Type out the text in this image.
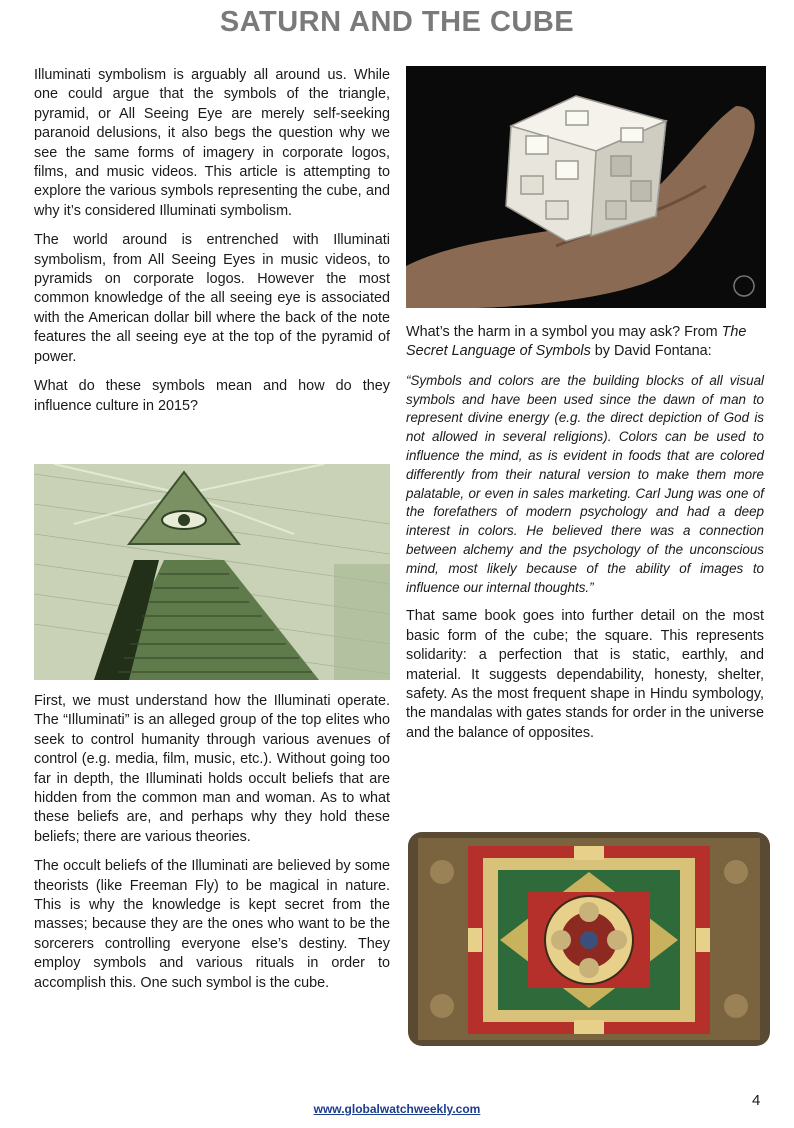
SATURN AND THE CUBE

Illuminati symbolism is arguably all around us. While one could argue that the symbols of the triangle, pyramid, or All Seeing Eye are merely self-seeking paranoid delusions, it also begs the question why we see the same forms of imagery in corporate logos, films, and music videos. This article is attempting to explore the various symbols representing the cube, and why it’s considered Illuminati symbolism.

The world around is entrenched with Illuminati symbolism, from All Seeing Eyes in music videos, to pyramids on corporate logos. However the most common knowledge of the all seeing eye is associated with the American dollar bill where the back of the note features the all seeing eye at the top of the pyramid of power.

What do these symbols mean and how do they influence culture in 2015?

First, we must understand how the Illuminati operate. The “Illuminati” is an alleged group of the top elites who seek to control humanity through various avenues of control (e.g. media, film, music, etc.). Without going too far in depth, the Illuminati holds occult beliefs that are hidden from the common man and woman. As to what these beliefs are, and perhaps why they hold these beliefs; there are various theories.

The occult beliefs of the Illuminati are believed by some theorists (like Freeman Fly) to be magical in nature. This is why the knowledge is kept secret from the masses; because they are the ones who want to be the sorcerers controlling everyone else’s destiny. They employ symbols and various rituals in order to accomplish this. One such symbol is the cube.

What’s the harm in a symbol you may ask? From The Secret Language of Symbols by David Fontana:

“Symbols and colors are the building blocks of all visual symbols and have been used since the dawn of man to represent divine energy (e.g. the direct depiction of God is not allowed in several religions). Colors can be used to influence the mind, as is evident in foods that are colored differently from their natural version to make them more palatable, or even in sales marketing. Carl Jung was one of the forefathers of modern psychology and had a deep interest in colors. He believed there was a connection between alchemy and the psychology of the unconscious mind, most likely because of the ability of images to influence our internal thoughts.”

That same book goes into further detail on the most basic form of the cube; the square. This represents solidarity: a perfection that is static, earthly, and material. It suggests dependability, honesty, shelter, safety. As the most frequent shape in Hindu symbology, the mandalas with gates stands for order in the universe and the balance of opposites.

4
www.globalwatchweekly.com
